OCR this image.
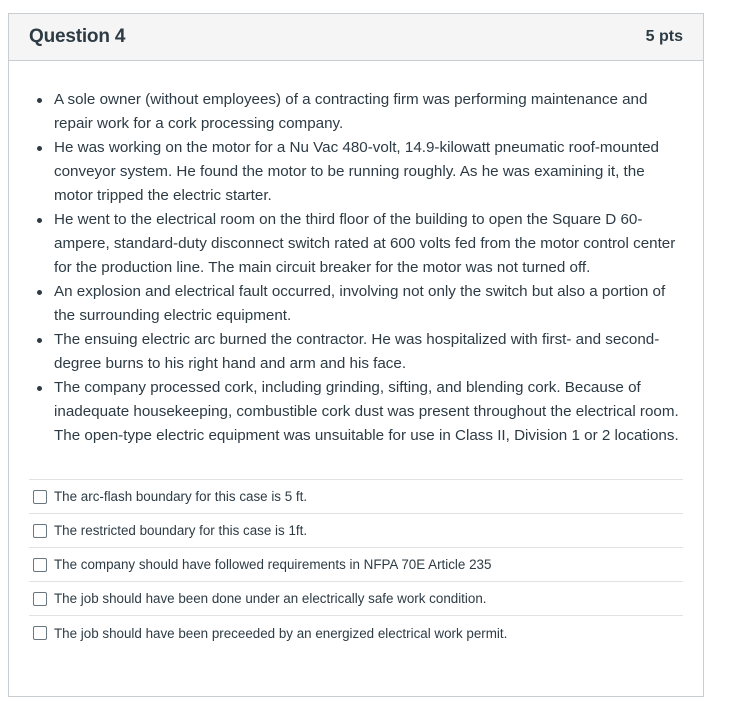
Question 4	5 pts
A sole owner (without employees) of a contracting firm was performing maintenance and repair work for a cork processing company.
He was working on the motor for a Nu Vac 480-volt, 14.9-kilowatt pneumatic roof-mounted conveyor system. He found the motor to be running roughly. As he was examining it, the motor tripped the electric starter.
He went to the electrical room on the third floor of the building to open the Square D 60-ampere, standard-duty disconnect switch rated at 600 volts fed from the motor control center for the production line. The main circuit breaker for the motor was not turned off.
An explosion and electrical fault occurred, involving not only the switch but also a portion of the surrounding electric equipment.
The ensuing electric arc burned the contractor. He was hospitalized with first- and second-degree burns to his right hand and arm and his face.
The company processed cork, including grinding, sifting, and blending cork. Because of inadequate housekeeping, combustible cork dust was present throughout the electrical room. The open-type electric equipment was unsuitable for use in Class II, Division 1 or 2 locations.
The arc-flash boundary for this case is 5 ft.
The restricted boundary for this case is 1ft.
The company should have followed requirements in NFPA 70E Article 235
The job should have been done under an electrically safe work condition.
The job should have been preceeded by an energized electrical work permit.
